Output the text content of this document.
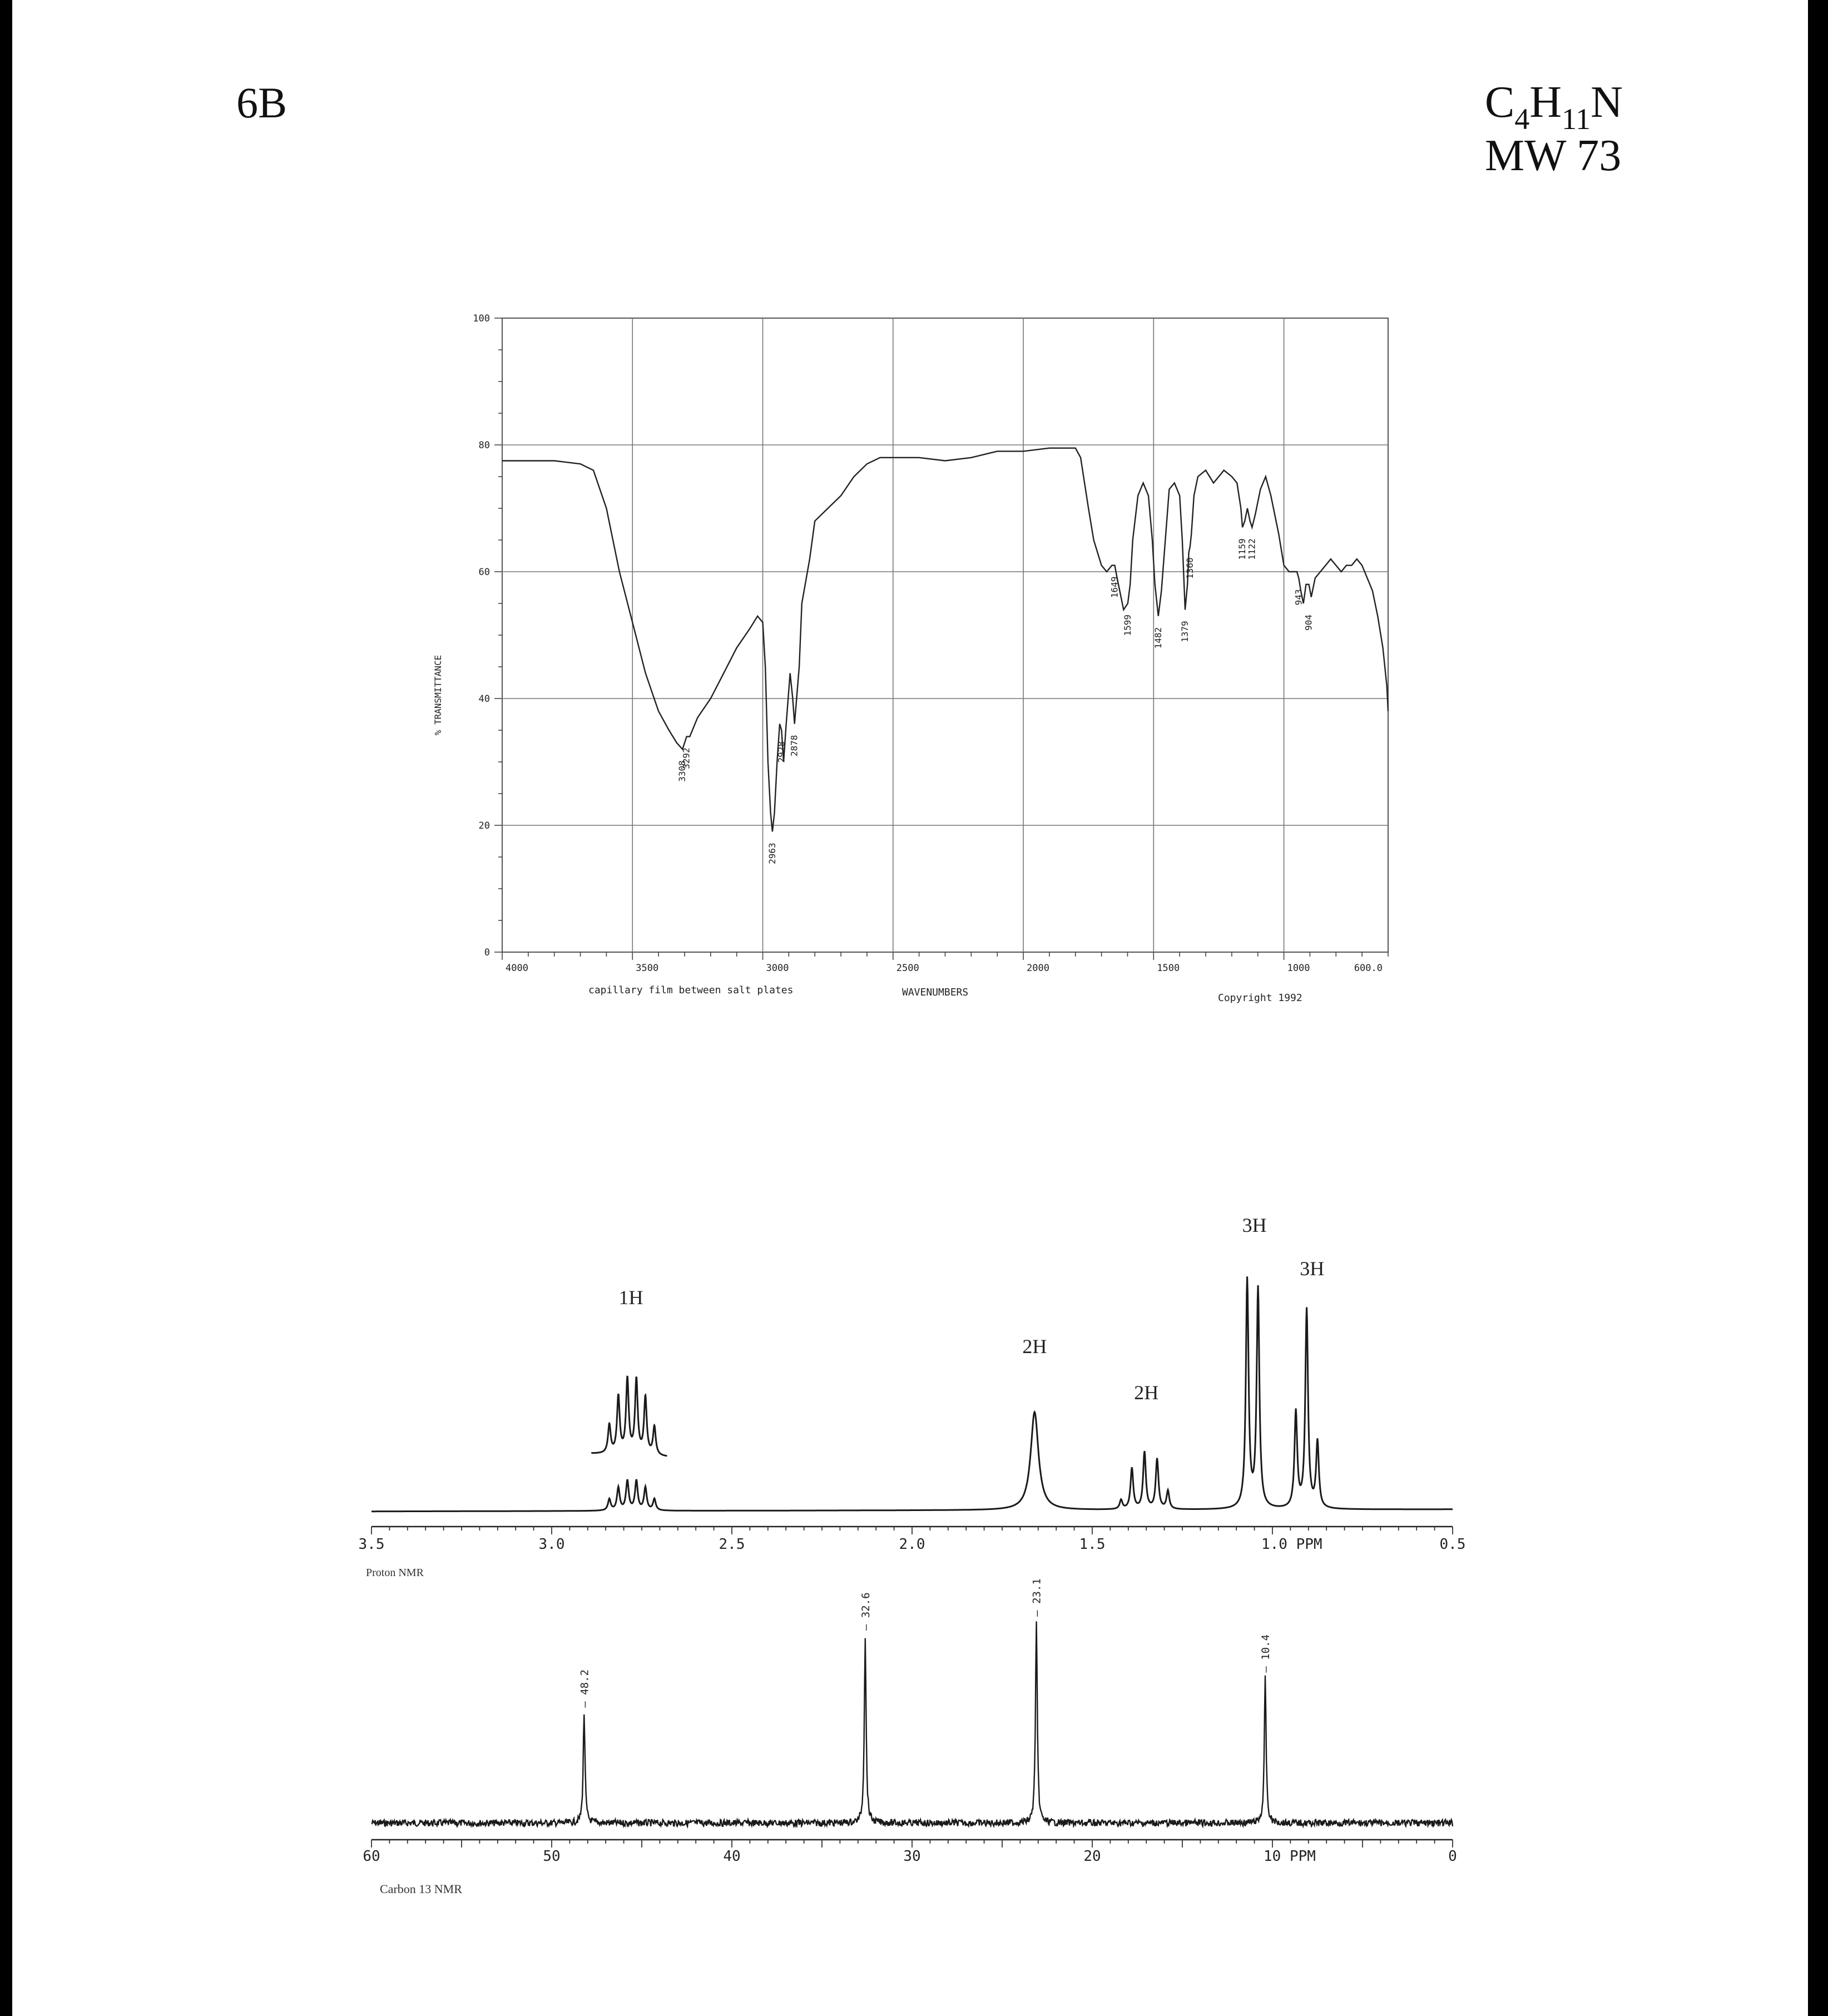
6B	$C_4H_{11}N$
MW 73
4000	3500	3000	2500	2000	1500	1000	600.0
0
20
40
60
80
100
3308
3292
2963
2928 2878
1649
1599
1482 1379
1360
1159
1122
943
904
% TRANSMITTANCE
capillary film between salt plates	WAVENUMBERS	Copyright 1992
3.5	3.0	2.5	2.0	1.5	1.0 PPM	0.5
1H
2H
2H
3H
3H
Proton NMR
60	50	40	30	20	10 PPM	0
— 48.2
— 32.6	— 23.1
— 10.4
Carbon 13 NMR
